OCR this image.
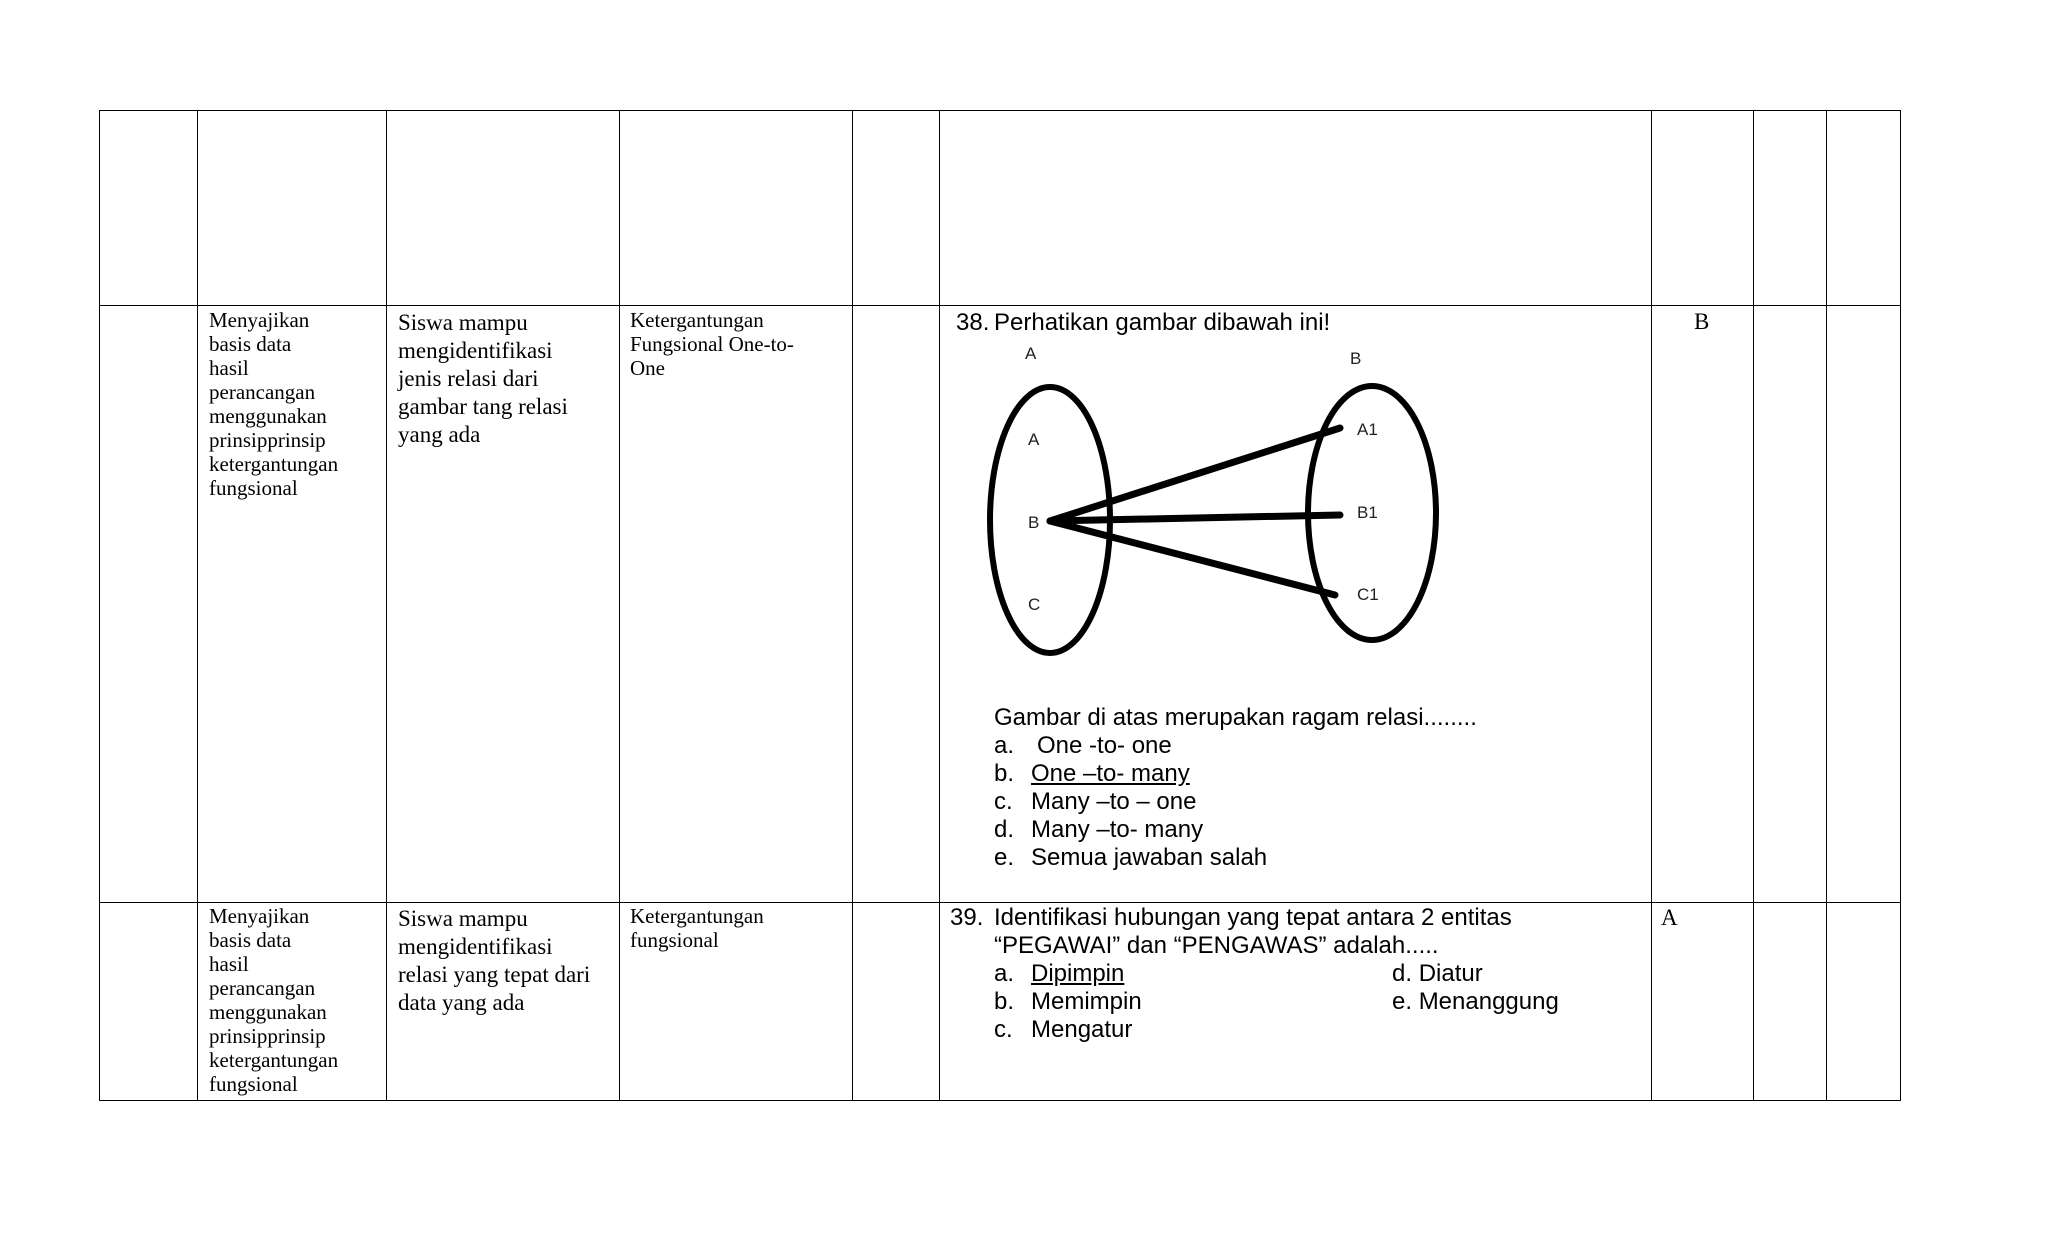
Menyajikan
basis data
hasil
perancangan
menggunakan
prinsipprinsip
ketergantungan
fungsional
Siswa mampu
mengidentifikasi
jenis relasi dari
gambar tang relasi
yang ada
Ketergantungan
Fungsional One-to-
One
38. Perhatikan gambar dibawah ini!
A	B
A
B
C
A1
B1
C1
Gambar di atas merupakan ragam relasi........
a. One -to- one
b. One –to- many
c. Many –to – one
d. Many –to- many
e. Semua jawaban salah
B
Menyajikan
basis data
hasil
perancangan
menggunakan
prinsipprinsip
ketergantungan
fungsional
Siswa mampu
mengidentifikasi
relasi yang tepat dari
data yang ada
Ketergantungan
fungsional
39. Identifikasi hubungan yang tepat antara 2 entitas
“PEGAWAI” dan “PENGAWAS” adalah.....
a. Dipimpin
b. Memimpin
c. Mengatur
d. Diatur
e. Menanggung
A
